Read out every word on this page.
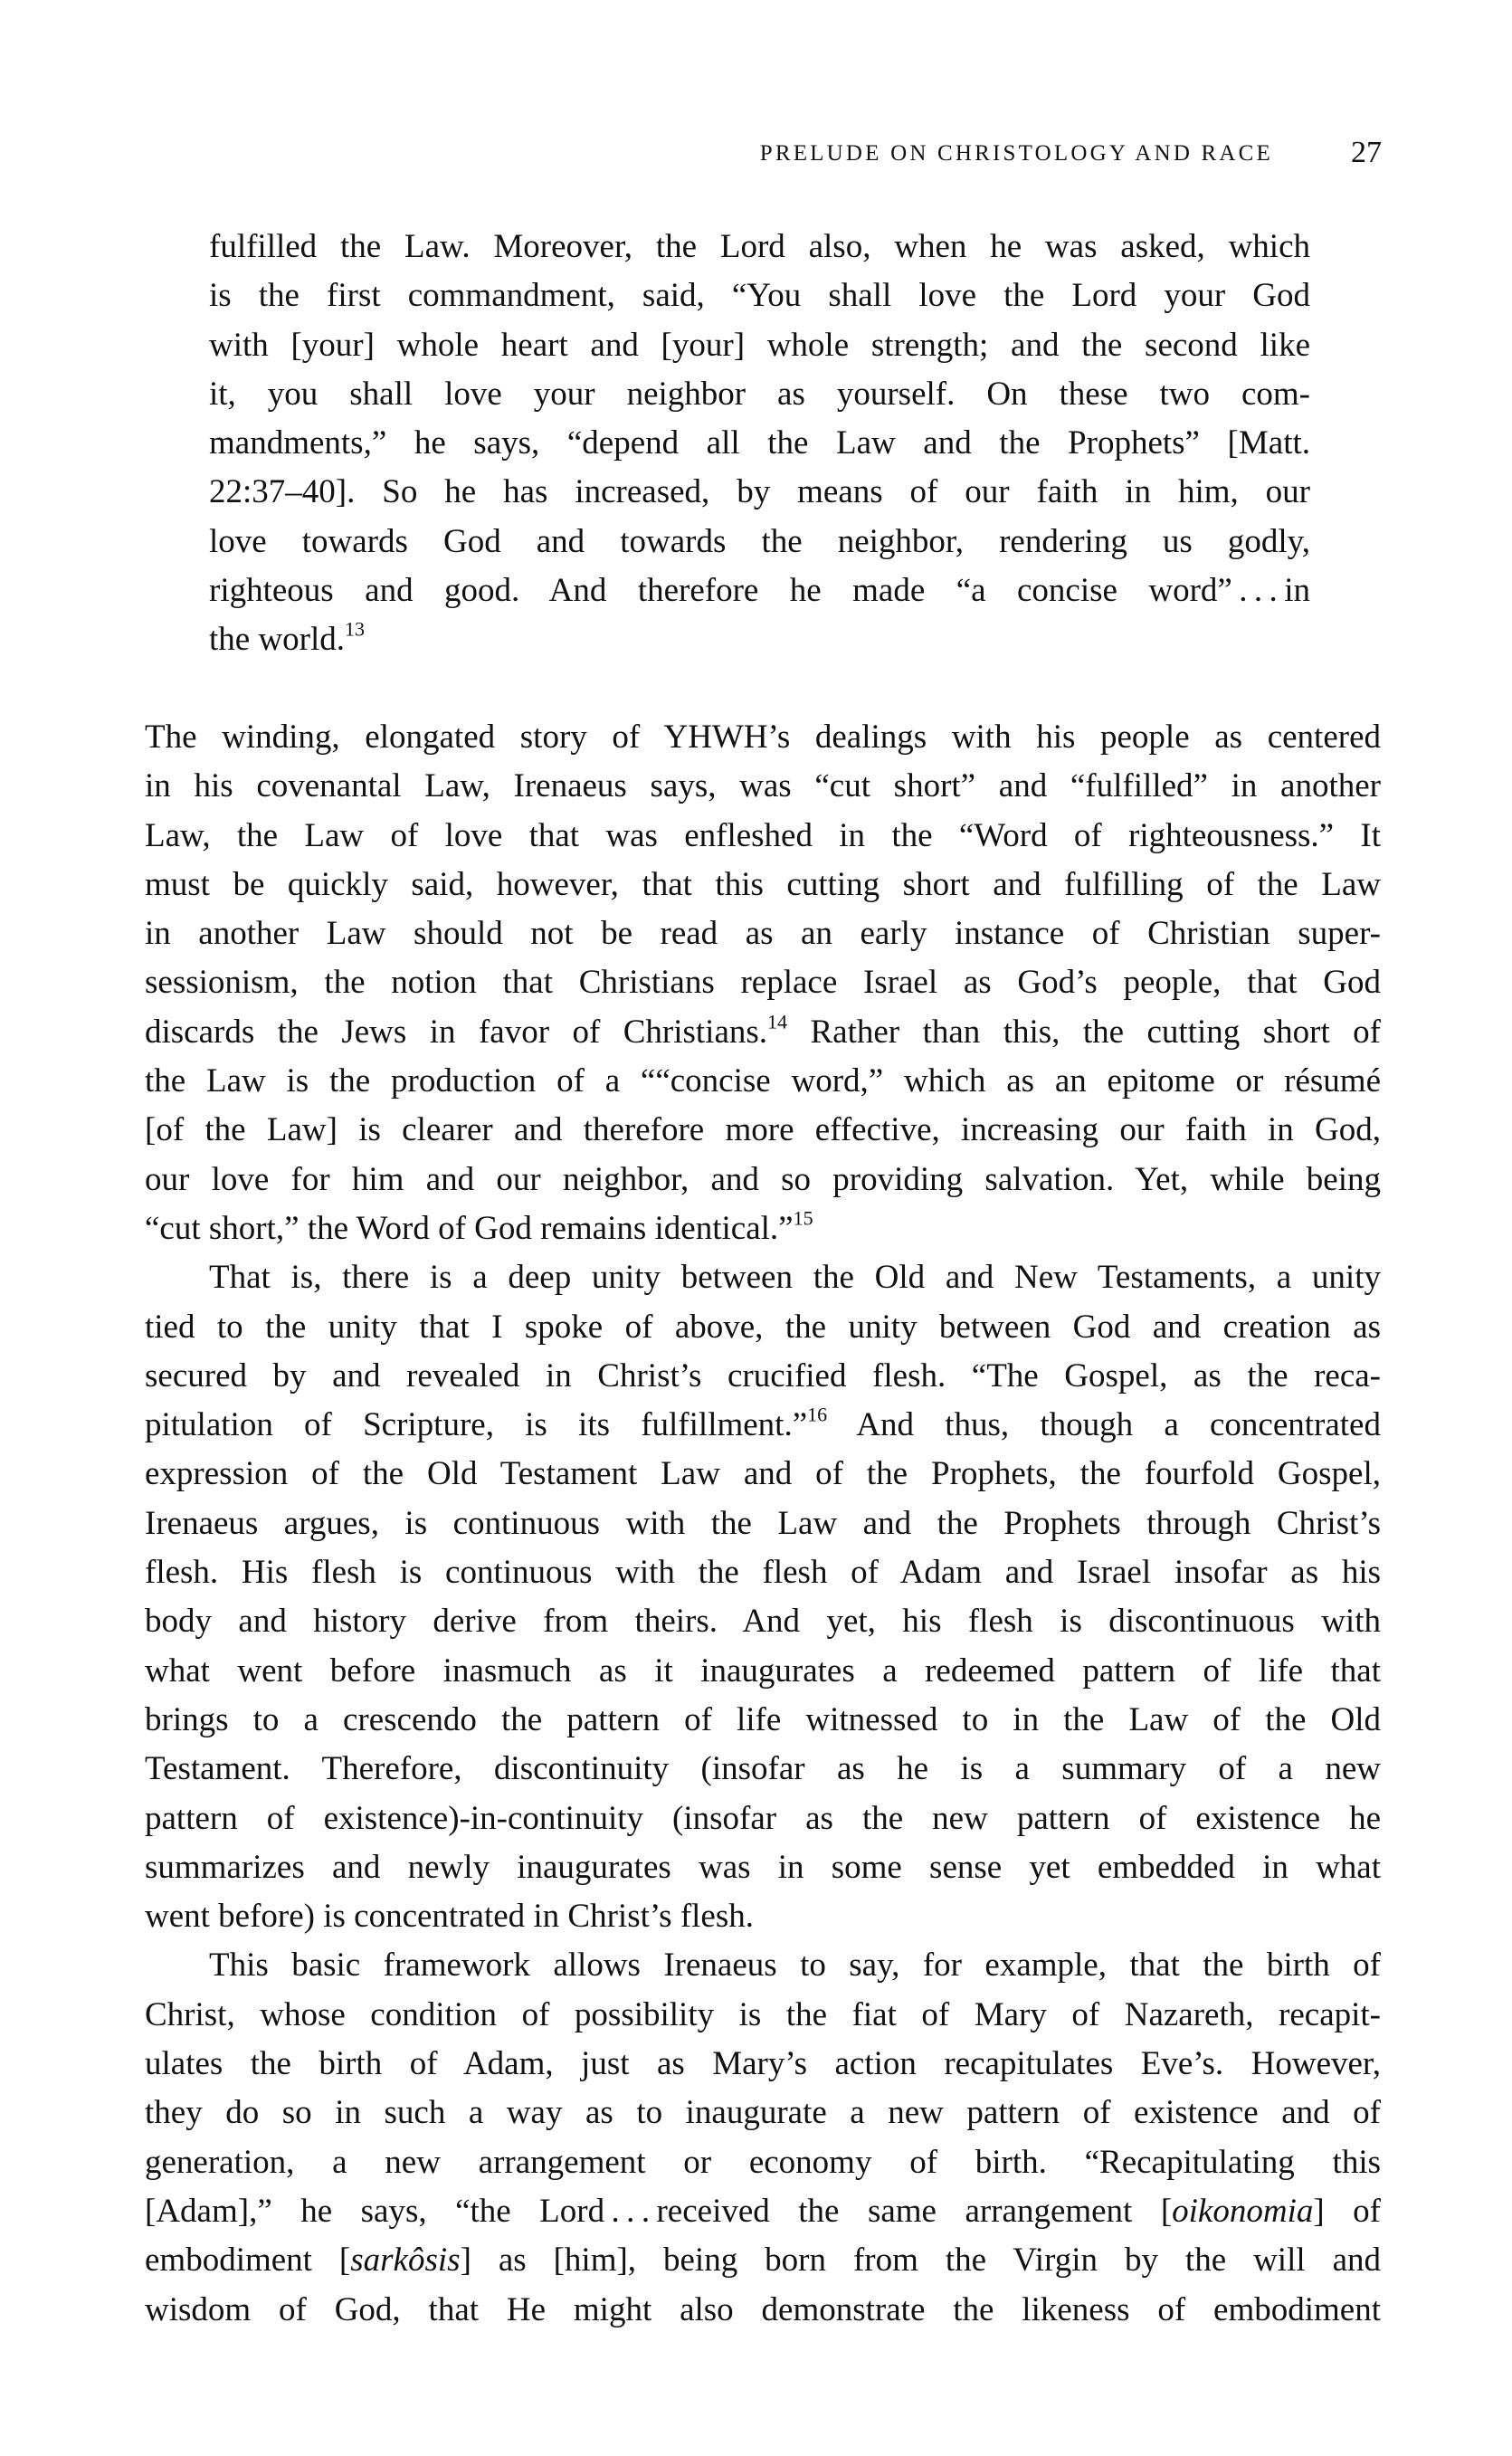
PRELUDE ON CHRISTOLOGY AND RACE	27
fulfilled the Law. Moreover, the Lord also, when he was asked, which
is the first commandment, said, “You shall love the Lord your God
with [your] whole heart and [your] whole strength; and the second like
it, you shall love your neighbor as yourself. On these two com-
mandments,” he says, “depend all the Law and the Prophets” [Matt.
22:37–40]. So he has increased, by means of our faith in him, our
love towards God and towards the neighbor, rendering us godly,
righteous and good. And therefore he made “a concise word” . . . in
the world.$^{13}$
The winding, elongated story of YHWH’s dealings with his people as centered
in his covenantal Law, Irenaeus says, was “cut short” and “fulfilled” in another
Law, the Law of love that was enfleshed in the “Word of righteousness.” It
must be quickly said, however, that this cutting short and fulfilling of the Law
in another Law should not be read as an early instance of Christian super-
sessionism, the notion that Christians replace Israel as God’s people, that God
discards the Jews in favor of Christians.$^{14}$ Rather than this, the cutting short of
the Law is the production of a ““concise word,” which as an epitome or résumé
[of the Law] is clearer and therefore more effective, increasing our faith in God,
our love for him and our neighbor, and so providing salvation. Yet, while being
“cut short,” the Word of God remains identical.”$^{15}$
That is, there is a deep unity between the Old and New Testaments, a unity
tied to the unity that I spoke of above, the unity between God and creation as
secured by and revealed in Christ’s crucified flesh. “The Gospel, as the reca-
pitulation of Scripture, is its fulfillment.”$^{16}$ And thus, though a concentrated
expression of the Old Testament Law and of the Prophets, the fourfold Gospel,
Irenaeus argues, is continuous with the Law and the Prophets through Christ’s
flesh. His flesh is continuous with the flesh of Adam and Israel insofar as his
body and history derive from theirs. And yet, his flesh is discontinuous with
what went before inasmuch as it inaugurates a redeemed pattern of life that
brings to a crescendo the pattern of life witnessed to in the Law of the Old
Testament. Therefore, discontinuity (insofar as he is a summary of a new
pattern of existence)-in-continuity (insofar as the new pattern of existence he
summarizes and newly inaugurates was in some sense yet embedded in what
went before) is concentrated in Christ’s flesh.
This basic framework allows Irenaeus to say, for example, that the birth of
Christ, whose condition of possibility is the fiat of Mary of Nazareth, recapit-
ulates the birth of Adam, just as Mary’s action recapitulates Eve’s. However,
they do so in such a way as to inaugurate a new pattern of existence and of
generation, a new arrangement or economy of birth. “Recapitulating this
[Adam],” he says, “the Lord . . . received the same arrangement [oikonomia] of
embodiment [sarkôsis] as [him], being born from the Virgin by the will and
wisdom of God, that He might also demonstrate the likeness of embodiment
